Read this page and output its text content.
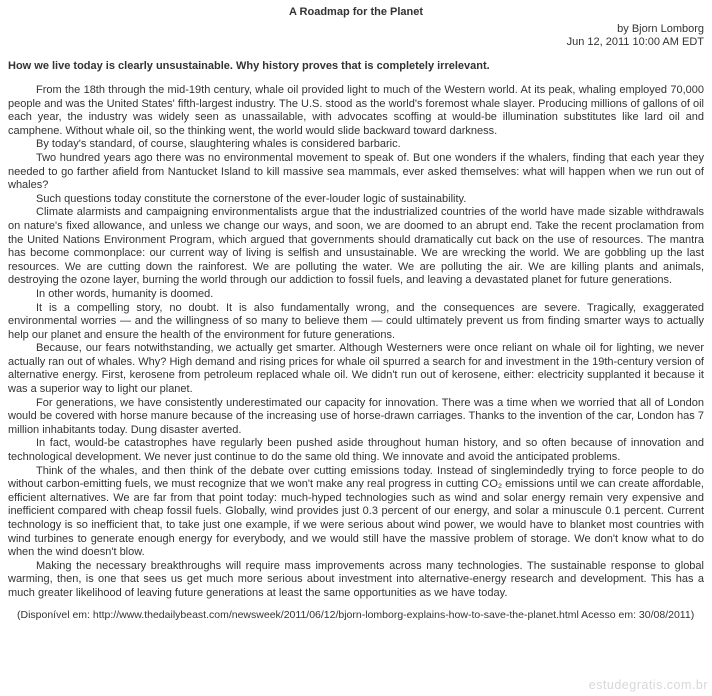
A Roadmap for the Planet
by Bjorn Lomborg
Jun 12, 2011 10:00 AM EDT
How we live today is clearly unsustainable. Why history proves that is completely irrelevant.

From the 18th through the mid-19th century, whale oil provided light to much of the Western world. At its peak, whaling employed 70,000 people and was the United States' fifth-largest industry. The U.S. stood as the world's foremost whale slayer. Producing millions of gallons of oil each year, the industry was widely seen as unassailable, with advocates scoffing at would-be illumination substitutes like lard oil and camphene. Without whale oil, so the thinking went, the world would slide backward toward darkness.

By today's standard, of course, slaughtering whales is considered barbaric.

Two hundred years ago there was no environmental movement to speak of. But one wonders if the whalers, finding that each year they needed to go farther afield from Nantucket Island to kill massive sea mammals, ever asked themselves: what will happen when we run out of whales?

Such questions today constitute the cornerstone of the ever-louder logic of sustainability.

Climate alarmists and campaigning environmentalists argue that the industrialized countries of the world have made sizable withdrawals on nature's fixed allowance, and unless we change our ways, and soon, we are doomed to an abrupt end. Take the recent proclamation from the United Nations Environment Program, which argued that governments should dramatically cut back on the use of resources. The mantra has become commonplace: our current way of living is selfish and unsustainable. We are wrecking the world. We are gobbling up the last resources. We are cutting down the rainforest. We are polluting the water. We are polluting the air. We are killing plants and animals, destroying the ozone layer, burning the world through our addiction to fossil fuels, and leaving a devastated planet for future generations.

In other words, humanity is doomed.

It is a compelling story, no doubt. It is also fundamentally wrong, and the consequences are severe. Tragically, exaggerated environmental worries — and the willingness of so many to believe them — could ultimately prevent us from finding smarter ways to actually help our planet and ensure the health of the environment for future generations.

Because, our fears notwithstanding, we actually get smarter. Although Westerners were once reliant on whale oil for lighting, we never actually ran out of whales. Why? High demand and rising prices for whale oil spurred a search for and investment in the 19th-century version of alternative energy. First, kerosene from petroleum replaced whale oil. We didn't run out of kerosene, either: electricity supplanted it because it was a superior way to light our planet.

For generations, we have consistently underestimated our capacity for innovation. There was a time when we worried that all of London would be covered with horse manure because of the increasing use of horse-drawn carriages. Thanks to the invention of the car, London has 7 million inhabitants today. Dung disaster averted.

In fact, would-be catastrophes have regularly been pushed aside throughout human history, and so often because of innovation and technological development. We never just continue to do the same old thing. We innovate and avoid the anticipated problems.

Think of the whales, and then think of the debate over cutting emissions today. Instead of singlemindedly trying to force people to do without carbon-emitting fuels, we must recognize that we won't make any real progress in cutting CO₂ emissions until we can create affordable, efficient alternatives. We are far from that point today: much-hyped technologies such as wind and solar energy remain very expensive and inefficient compared with cheap fossil fuels. Globally, wind provides just 0.3 percent of our energy, and solar a minuscule 0.1 percent. Current technology is so inefficient that, to take just one example, if we were serious about wind power, we would have to blanket most countries with wind turbines to generate enough energy for everybody, and we would still have the massive problem of storage. We don't know what to do when the wind doesn't blow.

Making the necessary breakthroughs will require mass improvements across many technologies. The sustainable response to global warming, then, is one that sees us get much more serious about investment into alternative-energy research and development. This has a much greater likelihood of leaving future generations at least the same opportunities as we have today.

(Disponível em: http://www.thedailybeast.com/newsweek/2011/06/12/bjorn-lomborg-explains-how-to-save-the-planet.html Acesso em: 30/08/2011)

estudegratis.com.br
